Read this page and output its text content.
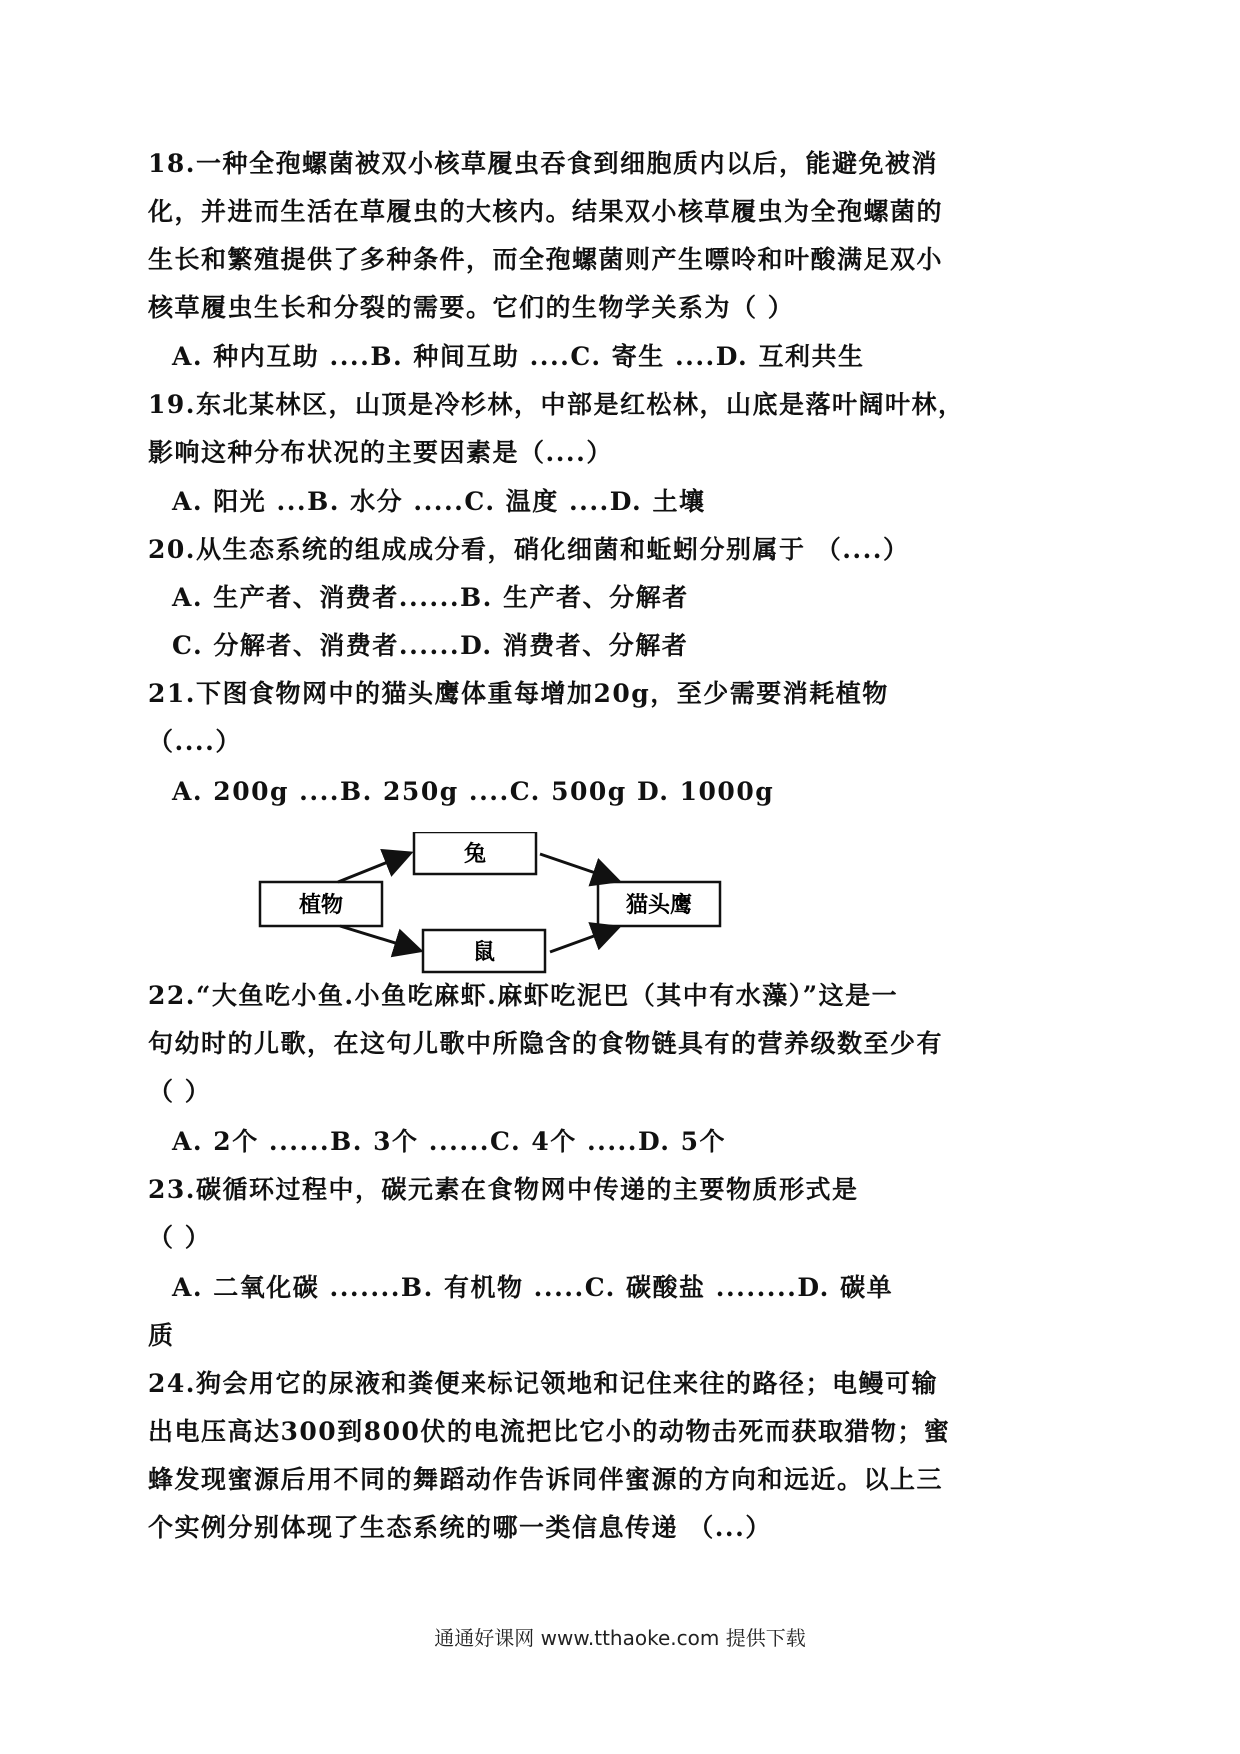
18.一种全孢螺菌被双小核草履虫吞食到细胞质内以后，能避免被消
化，并进而生活在草履虫的大核内。结果双小核草履虫为全孢螺菌的
生长和繁殖提供了多种条件，而全孢螺菌则产生嘌呤和叶酸满足双小
核草履虫生长和分裂的需要。它们的生物学关系为（ ）
A. 种内互助 ....B. 种间互助 ....C. 寄生 ....D. 互利共生
19.东北某林区，山顶是冷杉林，中部是红松林，山底是落叶阔叶林，
影响这种分布状况的主要因素是（....）
A. 阳光 ...B. 水分 .....C. 温度 ....D. 土壤
20.从生态系统的组成成分看，硝化细菌和蚯蚓分别属于 （....）
A. 生产者、消费者......B. 生产者、分解者
C. 分解者、消费者......D. 消费者、分解者
21.下图食物网中的猫头鹰体重每增加20g，至少需要消耗植物
（....）
A. 200g ....B. 250g ....C. 500g D. 1000g
植物
兔
鼠
猫头鹰
22.“大鱼吃小鱼.小鱼吃麻虾.麻虾吃泥巴（其中有水藻）”这是一
句幼时的儿歌，在这句儿歌中所隐含的食物链具有的营养级数至少有
（ ）
A. 2个 ......B. 3个 ......C. 4个 .....D. 5个
23.碳循环过程中，碳元素在食物网中传递的主要物质形式是
（ ）
A. 二氧化碳 .......B. 有机物 .....C. 碳酸盐 ........D. 碳单
质
24.狗会用它的尿液和粪便来标记领地和记住来往的路径；电鳗可输
出电压高达300到800伏的电流把比它小的动物击死而获取猎物；蜜
蜂发现蜜源后用不同的舞蹈动作告诉同伴蜜源的方向和远近。以上三
个实例分别体现了生态系统的哪一类信息传递 （...）
通通好课网 www.tthaoke.com 提供下载
